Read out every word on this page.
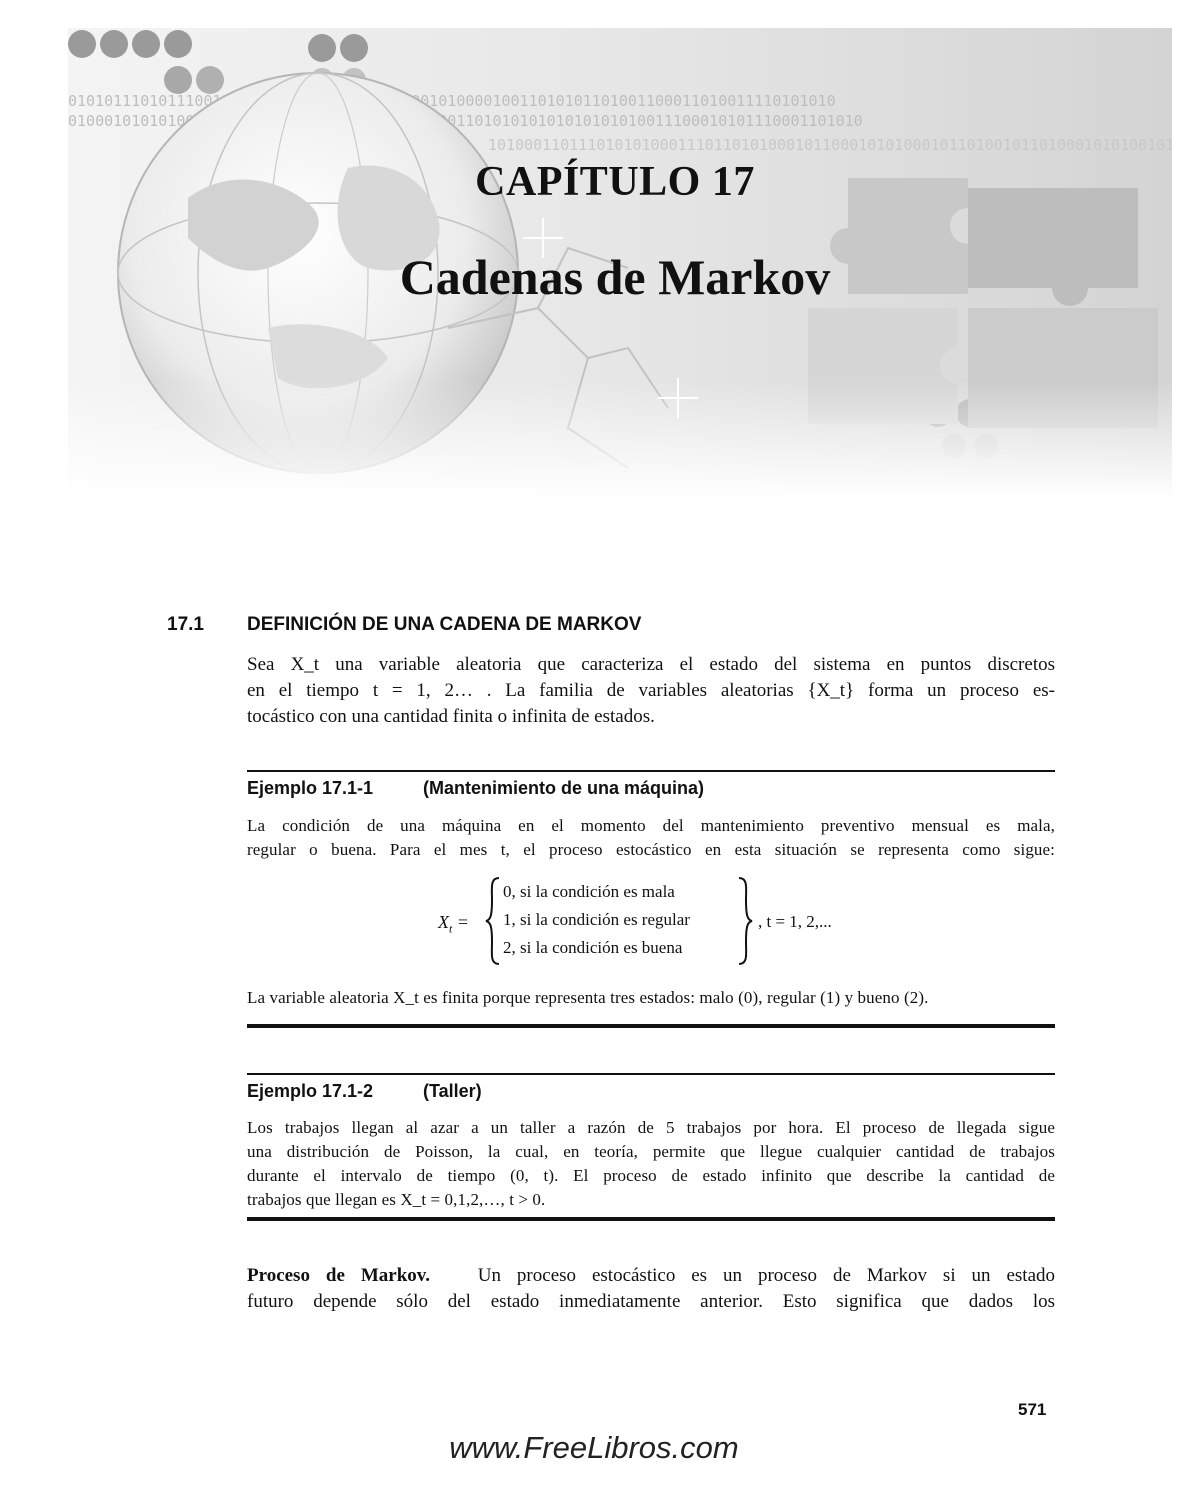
CAPÍTULO 17
Cadenas de Markov
17.1 DEFINICIÓN DE UNA CADENA DE MARKOV
Sea X_t una variable aleatoria que caracteriza el estado del sistema en puntos discretos
en el tiempo t = 1, 2… . La familia de variables aleatorias {X_t} forma un proceso es-
tocástico con una cantidad finita o infinita de estados.
Ejemplo 17.1-1	(Mantenimiento de una máquina)
La condición de una máquina en el momento del mantenimiento preventivo mensual es mala,
regular o buena. Para el mes t, el proceso estocástico en esta situación se representa como sigue:
$X_t$ =
0, si la condición es mala
1, si la condición es regular
2, si la condición es buena
, t = 1, 2,...
La variable aleatoria X_t es finita porque representa tres estados: malo (0), regular (1) y bueno (2).
Ejemplo 17.1-2	(Taller)
Los trabajos llegan al azar a un taller a razón de 5 trabajos por hora. El proceso de llegada sigue
una distribución de Poisson, la cual, en teoría, permite que llegue cualquier cantidad de trabajos
durante el intervalo de tiempo (0, t). El proceso de estado infinito que describe la cantidad de
trabajos que llegan es X_t = 0,1,2,…, t > 0.
Proceso de Markov.	Un proceso estocástico es un proceso de Markov si un estado
futuro depende sólo del estado inmediatamente anterior. Esto significa que dados los
571
www.FreeLibros.com
